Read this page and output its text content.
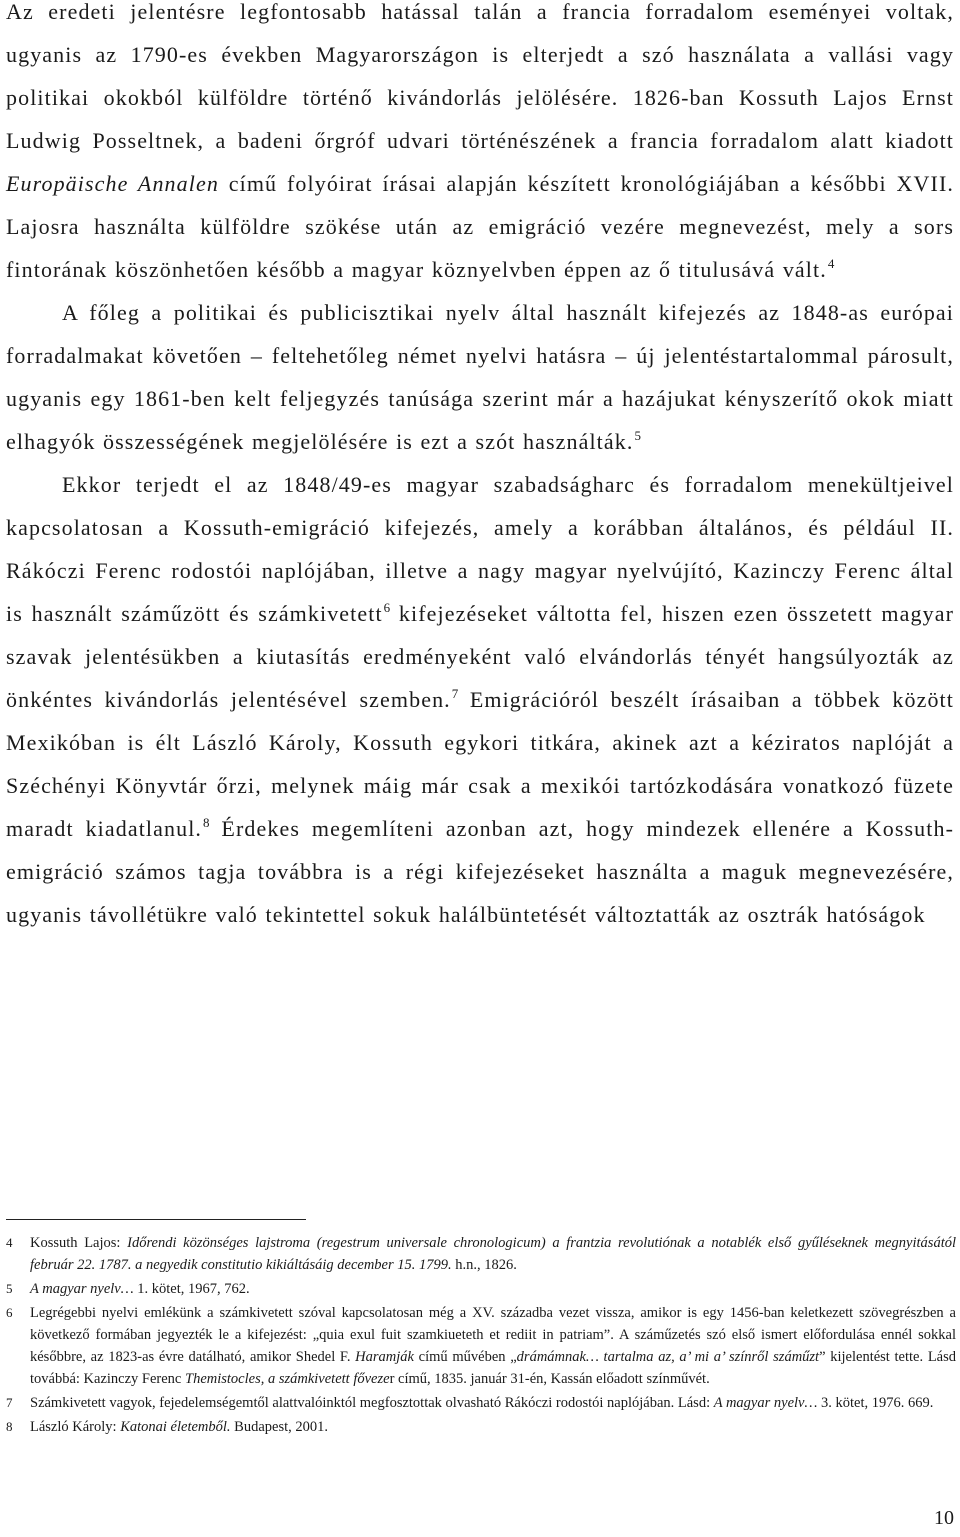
Az eredeti jelentésre legfontosabb hatással talán a francia forradalom eseményei voltak, ugyanis az 1790-es években Magyarországon is elterjedt a szó használata a vallási vagy politikai okokból külföldre történő kivándorlás jelölésére. 1826-ban Kossuth Lajos Ernst Ludwig Posseltnek, a badeni őrgróf udvari történészének a francia forradalom alatt kiadott Europäische Annalen című folyóirat írásai alapján készített kronológiájában a későbbi XVII. Lajosra használta külföldre szökése után az emigráció vezére megnevezést, mely a sors fintorának köszönhetően később a magyar köznyelvben éppen az ő titulusává vált.$^4$

A főleg a politikai és publicisztikai nyelv által használt kifejezés az 1848-as európai forradalmakat követően – feltehetőleg német nyelvi hatásra – új jelentéstartalommal párosult, ugyanis egy 1861-ben kelt feljegyzés tanúsága szerint már a hazájukat kényszerítő okok miatt elhagyók összességének megjelölésére is ezt a szót használták.$^5$

Ekkor terjedt el az 1848/49-es magyar szabadságharc és forradalom menekültjeivel kapcsolatosan a Kossuth-emigráció kifejezés, amely a korábban általános, és például II. Rákóczi Ferenc rodostói naplójában, illetve a nagy magyar nyelvújító, Kazinczy Ferenc által is használt száműzött és számkivetett$^6$ kifejezéseket váltotta fel, hiszen ezen összetett magyar szavak jelentésükben a kiutasítás eredményeként való elvándorlás tényét hangsúlyozták az önkéntes kivándorlás jelentésével szemben.$^7$ Emigrációról beszélt írásaiban a többek között Mexikóban is élt László Károly, Kossuth egykori titkára, akinek azt a kéziratos naplóját a Széchényi Könyvtár őrzi, melynek máig már csak a mexikói tartózkodására vonatkozó füzete maradt kiadatlanul.$^8$ Érdekes megemlíteni azonban azt, hogy mindezek ellenére a Kossuth-emigráció számos tagja továbbra is a régi kifejezéseket használta a maguk megnevezésére, ugyanis távollétükre való tekintettel sokuk halálbüntetését változtatták az osztrák hatóságok

4	Kossuth Lajos: Időrendi közönséges lajstroma (regestrum universale chronologicum) a frantzia revolutiónak a notablék első gyűléseknek megnyitásától február 22. 1787. a negyedik constitutio kikiáltásáig december 15. 1799. h.n., 1826.
5	A magyar nyelv… 1. kötet, 1967, 762.
6	Legrégebbi nyelvi emlékünk a számkivetett szóval kapcsolatosan még a XV. századba vezet vissza, amikor is egy 1456-ban keletkezett szövegrészben a következő formában jegyezték le a kifejezést: „quia exul fuit szamkiueteth et rediit in patriam”. A száműzetés szó első ismert előfordulása ennél sokkal későbbre, az 1823-as évre datálható, amikor Shedel F. Haramják című művében „drámámnak… tartalma az, a’ mi a’ színről száműzt” kijelentést tette. Lásd továbbá: Kazinczy Ferenc Themistocles, a számkivetett fővezer című, 1835. január 31-én, Kassán előadott színművét.
7	Számkivetett vagyok, fejedelemségemtől alattvalóinktól megfosztottak olvasható Rákóczi rodostói naplójában. Lásd: A magyar nyelv… 3. kötet, 1976. 669.
8	László Károly: Katonai életemből. Budapest, 2001.
10
